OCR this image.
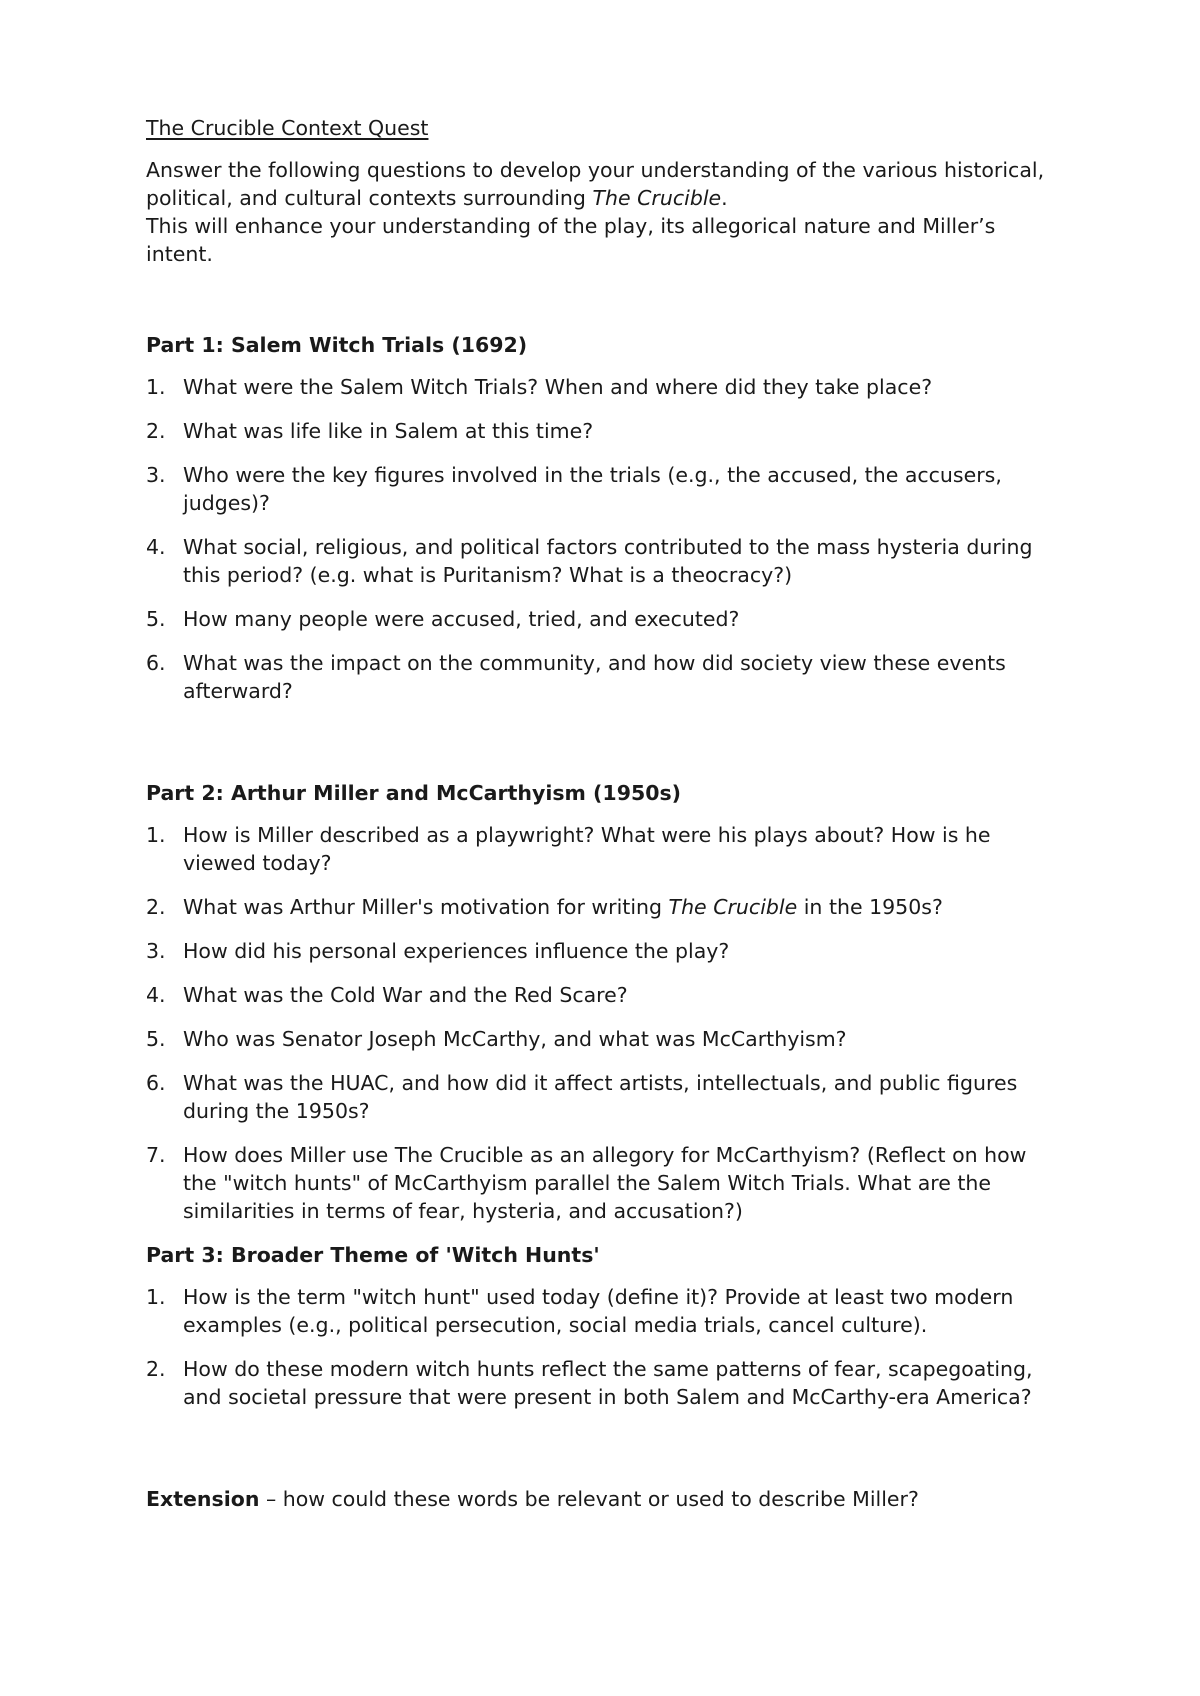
The Crucible Context Quest

Answer the following questions to develop your understanding of the various historical, political, and cultural contexts surrounding The Crucible.

This will enhance your understanding of the play, its allegorical nature and Miller’s intent.

Part 1: Salem Witch Trials (1692)
1. What were the Salem Witch Trials? When and where did they take place?
2. What was life like in Salem at this time?
3. Who were the key figures involved in the trials (e.g., the accused, the accusers, judges)?
4. What social, religious, and political factors contributed to the mass hysteria during this period? (e.g. what is Puritanism? What is a theocracy?)
5. How many people were accused, tried, and executed?
6. What was the impact on the community, and how did society view these events afterward?
Part 2: Arthur Miller and McCarthyism (1950s)
1. How is Miller described as a playwright? What were his plays about? How is he viewed today?
2. What was Arthur Miller's motivation for writing The Crucible in the 1950s?
3. How did his personal experiences influence the play?
4. What was the Cold War and the Red Scare?
5. Who was Senator Joseph McCarthy, and what was McCarthyism?
6. What was the HUAC, and how did it affect artists, intellectuals, and public figures during the 1950s?
7. How does Miller use The Crucible as an allegory for McCarthyism? (Reflect on how the "witch hunts" of McCarthyism parallel the Salem Witch Trials. What are the similarities in terms of fear, hysteria, and accusation?)
Part 3: Broader Theme of 'Witch Hunts'
1. How is the term "witch hunt" used today (define it)? Provide at least two modern examples (e.g., political persecution, social media trials, cancel culture).
2. How do these modern witch hunts reflect the same patterns of fear, scapegoating, and societal pressure that were present in both Salem and McCarthy-era America?
Extension – how could these words be relevant or used to describe Miller?
